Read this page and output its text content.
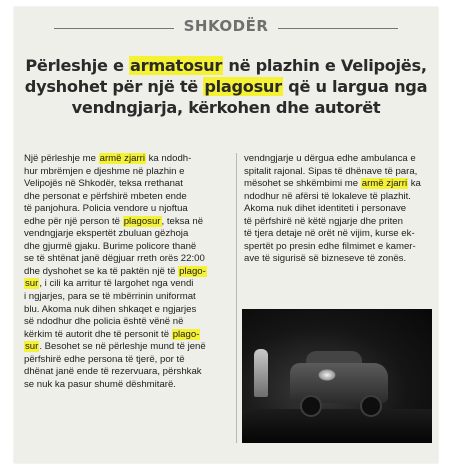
SHKODËR
Përleshje e armatosur në plazhin e Velipojës,
dyshohet për një të plagosur që u largua nga
vendngjarja, kërkohen dhe autorët
Një përleshje me armë zjarri ka ndodh-
hur mbrëmjen e djeshme në plazhin e
Velipojës në Shkodër, teksa rrethanat
dhe personat e përfshirë mbeten ende
të panjohura. Policia vendore u njoftua
edhe për një person të plagosur, teksa në
vendngjarje ekspertët zbuluan gëzhoja
dhe gjurmë gjaku. Burime policore thanë
se të shtënat janë dëgjuar rreth orës 22:00
dhe dyshohet se ka të paktën një të plago-
sur, i cili ka arritur të largohet nga vendi
i ngjarjes, para se të mbërrinin uniformat
blu. Akoma nuk dihen shkaqet e ngjarjes
së ndodhur dhe policia është vënë në
kërkim të autorit dhe të personit të plago-
sur. Besohet se në përleshje mund të jenë
përfshirë edhe persona të tjerë, por të
dhënat janë ende të rezervuara, përshkak
se nuk ka pasur shumë dëshmitarë.
vendngjarje u dërgua edhe ambulanca e
spitalit rajonal. Sipas të dhënave të para,
mësohet se shkëmbimi me armë zjarri ka
ndodhur në afërsi të lokaleve të plazhit.
Akoma nuk dihet identiteti i personave
të përfshirë në këtë ngjarje dhe priten
të tjera detaje në orët në vijim, kurse ek-
spertët po presin edhe filmimet e kamer-
ave të sigurisë së bizneseve të zonës.
